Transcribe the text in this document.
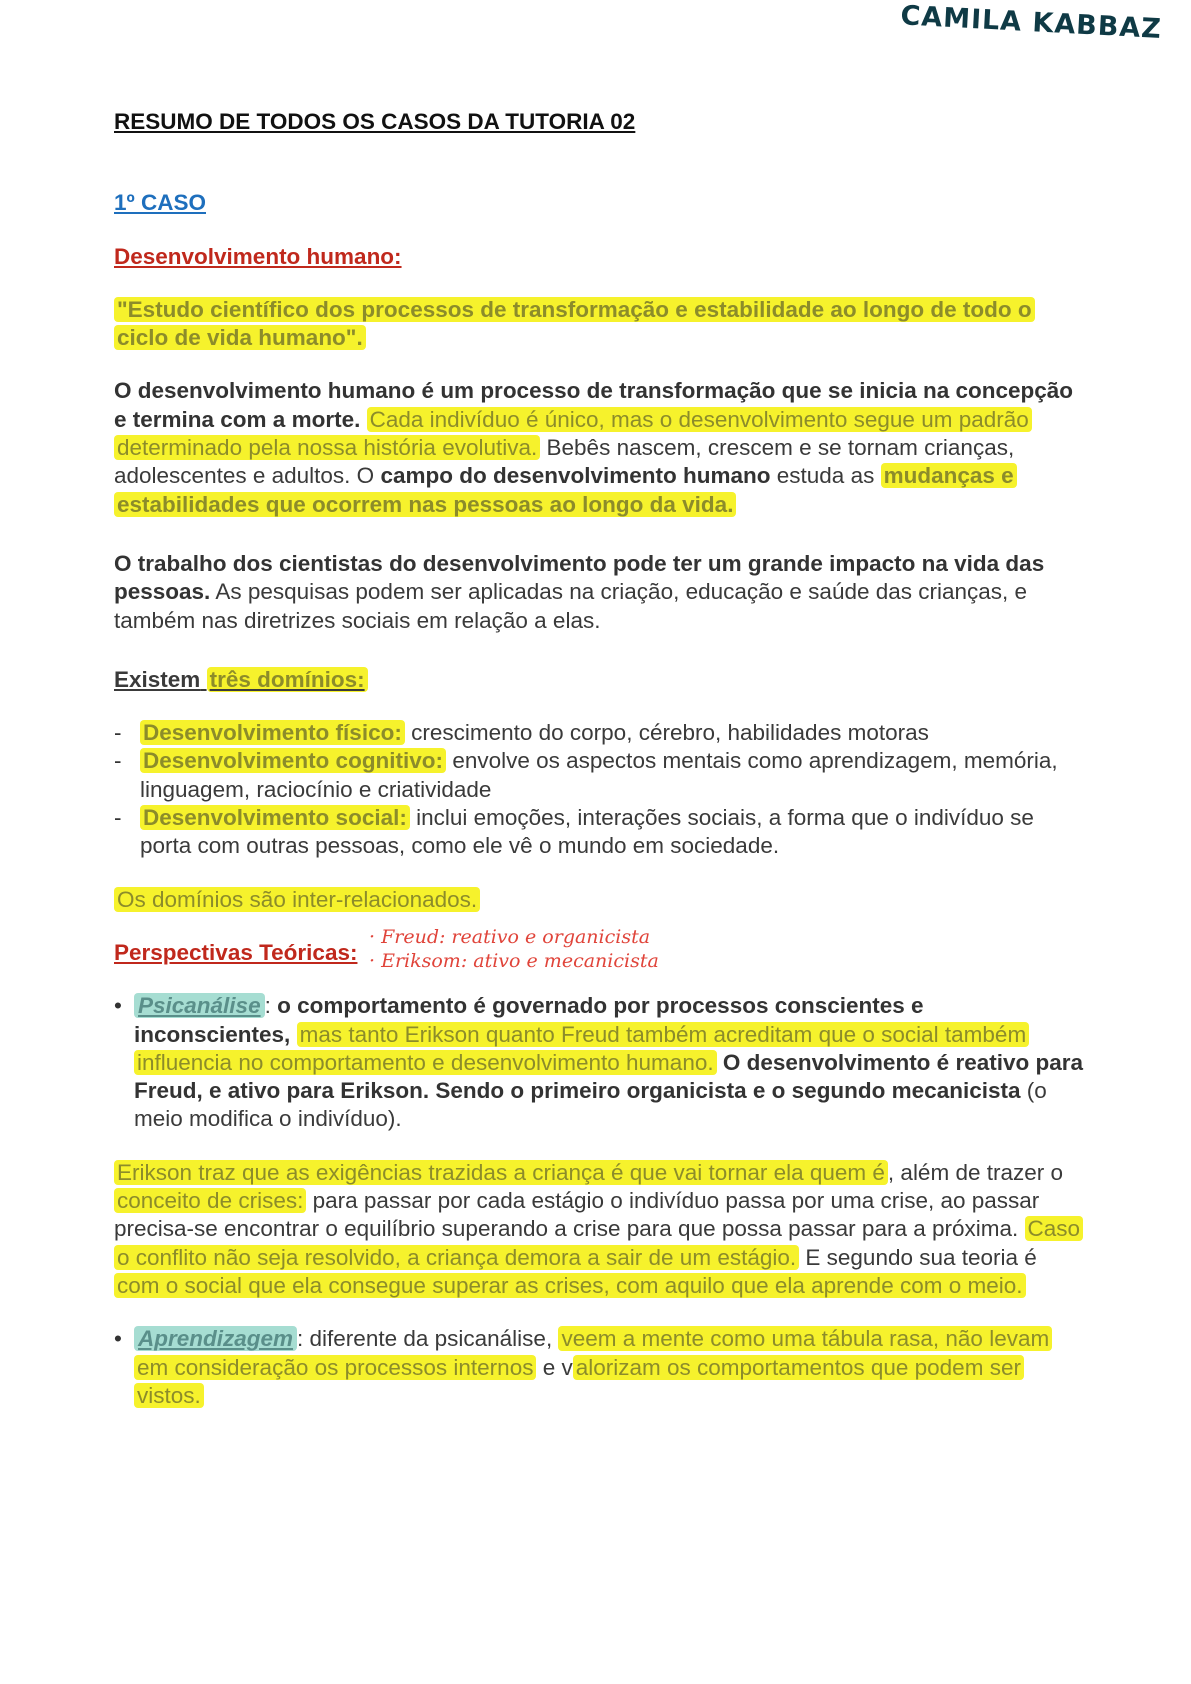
CAMILA KABBAZ

RESUMO DE TODOS OS CASOS DA TUTORIA 02

1º CASO

Desenvolvimento humano:

"Estudo científico dos processos de transformação e estabilidade ao longo de todo o ciclo de vida humano".

O desenvolvimento humano é um processo de transformação que se inicia na concepção e termina com a morte. Cada indivíduo é único, mas o desenvolvimento segue um padrão determinado pela nossa história evolutiva. Bebês nascem, crescem e se tornam crianças, adolescentes e adultos. O campo do desenvolvimento humano estuda as mudanças e estabilidades que ocorrem nas pessoas ao longo da vida.

O trabalho dos cientistas do desenvolvimento pode ter um grande impacto na vida das pessoas. As pesquisas podem ser aplicadas na criação, educação e saúde das crianças, e também nas diretrizes sociais em relação a elas.

Existem três domínios:

- Desenvolvimento físico: crescimento do corpo, cérebro, habilidades motoras
- Desenvolvimento cognitivo: envolve os aspectos mentais como aprendizagem, memória, linguagem, raciocínio e criatividade
- Desenvolvimento social: inclui emoções, interações sociais, a forma que o indivíduo se porta com outras pessoas, como ele vê o mundo em sociedade.

Os domínios são inter-relacionados.

Perspectivas Teóricas:

· Freud: reativo e organicista
· Eriksom: ativo e mecanicista
• Psicanálise : o comportamento é governado por processos conscientes e inconscientes, mas tanto Erikson quanto Freud também acreditam que o social também influencia no comportamento e desenvolvimento humano. O desenvolvimento é reativo para Freud, e ativo para Erikson. Sendo o primeiro organicista e o segundo mecanicista (o meio modifica o indivíduo).

Erikson traz que as exigências trazidas a criança é que vai tornar ela quem é , além de trazer o conceito de crises: para passar por cada estágio o indivíduo passa por uma crise, ao passar precisa-se encontrar o equilíbrio superando a crise para que possa passar para a próxima. Caso o conflito não seja resolvido, a criança demora a sair de um estágio. E segundo sua teoria é com o social que ela consegue superar as crises, com aquilo que ela aprende com o meio.

• Aprendizagem : diferente da psicanálise, veem a mente como uma tábula rasa, não levam em consideração os processos internos e v alorizam os comportamentos que podem ser vistos.
